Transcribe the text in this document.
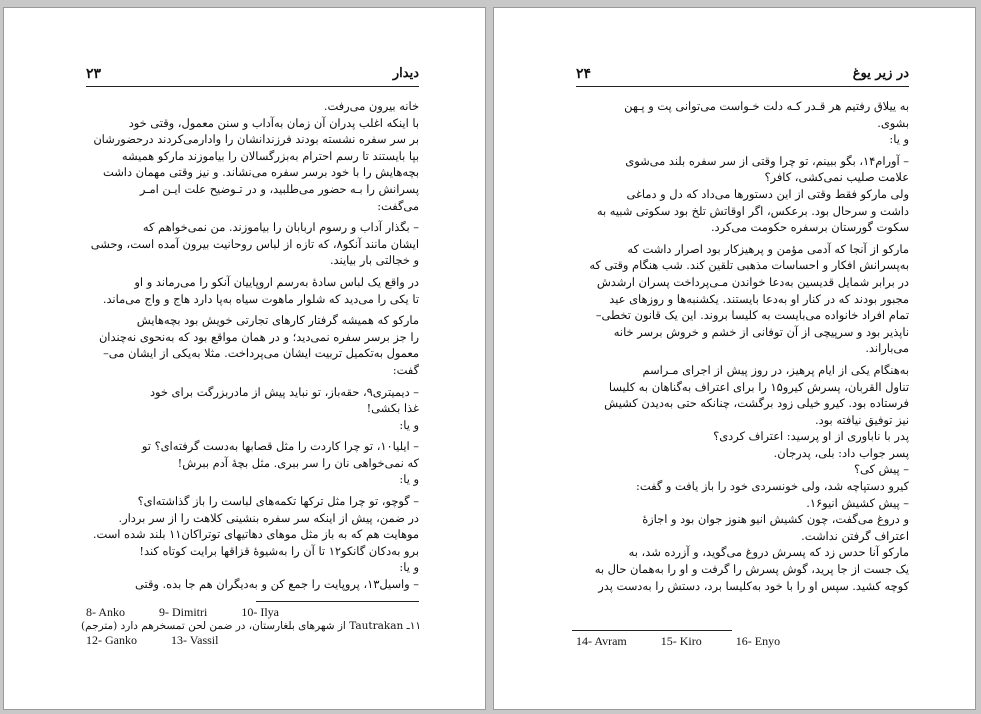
۲۳	دیدار
خانه بیرون می‌رفت.
با اینکه اغلب پدران آن زمان به‌آداب و سنن معمول، وقتی خود
بر سر سفره نشسته بودند فرزندانشان را وادارمی‌کردند درحضورشان
بپا بایستند تا رسم احترام به‌بزرگسالان را بیاموزند مارکو همیشه
بچه‌هایش را با خود برسر سفره می‌نشاند. و نیز وقتی مهمان داشت
پسرانش را بـه حضور می‌طلبید، و در تـوضیح علت ایـن امـر
می‌گفت:
– بگذار آداب و رسوم اربابان را بیاموزند. من نمی‌خواهم که
ایشان مانند آنکو۸، که تازه از لباس روحانیت بیرون آمده است، وحشی
و خجالتی بار بیایند.
در واقع یک لباس سادهٔ به‌رسم اروپاییان آنکو را می‌رماند و او
تا یکی را می‌دید که شلوار ماهوت سیاه به‌پا دارد هاج و واج می‌ماند.
مارکو که همیشه گرفتار کارهای تجارتی خویش بود بچه‌هایش
را جز برسر سفره نمی‌دید؛ و در همان مواقع بود که به‌نحوی نه‌چندان
معمول به‌تکمیل تربیت ایشان می‌پرداخت. مثلا به‌یکی از ایشان می–
گفت:
– دیمیتری۹، حقه‌باز، تو نباید پیش از مادربزرگت برای خود
غذا بکشی!
و یا:
– ایلیا۱۰، تو چرا کاردت را مثل قصابها به‌دست گرفته‌ای؟ تو
که نمی‌خواهی نان را سر ببری. مثل بچهٔ آدم ببرش!
و یا:
– گوچو، تو چرا مثل ترکها تکمه‌های لباست را باز گذاشته‌ای؟
در ضمن، پیش از اینکه سر سفره بنشینی کلاهت را از سر بردار.
موهایت هم که به باز مثل موهای دهاتیهای توتراکان۱۱ بلند شده است.
برو به‌دکان گانکو۱۲ تا آن را به‌شیوهٔ قزاقها برایت کوتاه کند!
و یا:
– واسیل۱۳، پروپایت را جمع کن و به‌دیگران هم جا بده. وقتی
8- Anko	9- Dimitri	10- Ilya
۱۱ـ Tautrakan از شهرهای بلغارستان، در ضمن لحن تمسخرهم دارد (مترجم)
12- Ganko	13- Vassil
۲۴	در زیر یوغ
به ییلاق رفتیم هر قـدر کـه دلت خـواست می‌توانی پت و پـهن
بشوی.
و یا:
– آورام۱۴، بگو ببینم، تو چرا وقتی از سر سفره بلند می‌شوی
علامت صلیب نمی‌کشی، کافر؟
ولی مارکو فقط وقتی از این دستورها می‌داد که دل و دماغی
داشت و سرحال بود. برعکس، اگر اوقاتش تلخ بود سکوتی شبیه به
سکوت گورستان برسفره حکومت می‌کرد.
مارکو از آنجا که آدمی مؤمن و پرهیزکار بود اصرار داشت که
به‌پسرانش افکار و احساسات مذهبی تلقین کند. شب هنگام وقتی که
در برابر شمایل قدیسین به‌دعا خواندن مـی‌پرداخت پسران ارشدش
مجبور بودند که در کنار او به‌دعا بایستند. یکشنبه‌ها و روزهای عید
تمام افراد خانواده می‌بایست به کلیسا بروند. این یک قانون تخطی–
ناپذیر بود و سرپیچی از آن توفانی از خشم و خروش برسر خانه
می‌باراند.
به‌هنگام یکی از ایام پرهیز، در روز پیش از اجرای مـراسم
تناول القربان، پسرش کیرو۱۵ را برای اعتراف به‌گناهان به کلیسا
فرستاده بود. کیرو خیلی زود برگشت، چنانکه حتی به‌دیدن کشیش
نیز توفیق نیافته بود.
پدر با ناباوری از او پرسید: اعتراف کردی؟
پسر جواب داد: بلی، پدرجان.
– پیش کی؟
کیرو دستپاچه شد، ولی خونسردی خود را باز یافت و گفت:
– پیش کشیش انیو۱۶.
و دروغ می‌گفت، چون کشیش انیو هنوز جوان بود و اجازهٔ
اعتراف گرفتن نداشت.
مارکو آنا حدس زد که پسرش دروغ می‌گوید، و آزرده شد، به
یک جست از جا پرید، گوش پسرش را گرفت و او را به‌همان حال به
کوچه کشید. سپس او را با خود به‌کلیسا برد، دستش را به‌دست پدر
14- Avram	15- Kiro	16- Enyo
